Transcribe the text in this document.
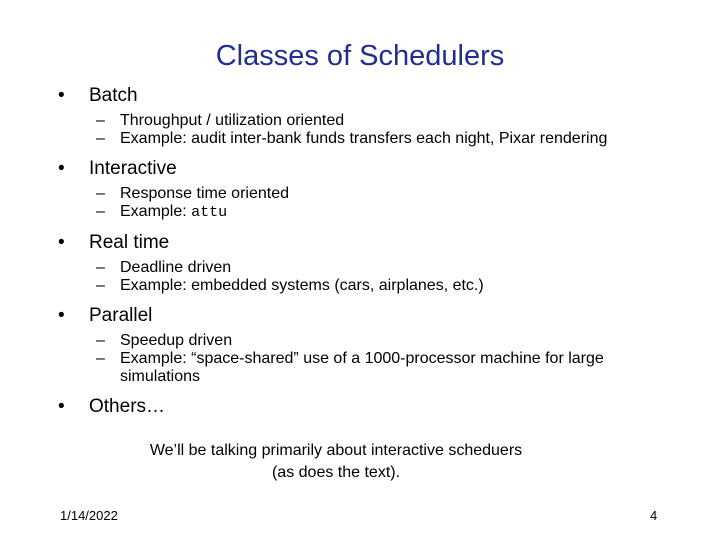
Classes of Schedulers
• Batch
– Throughput / utilization oriented
– Example: audit inter-bank funds transfers each night, Pixar rendering
• Interactive
– Response time oriented
– Example: attu
• Real time
– Deadline driven
– Example: embedded systems (cars, airplanes, etc.)
• Parallel
– Speedup driven
– Example: “space-shared” use of a 1000-processor machine for large simulations
• Others…
We’ll be talking primarily about interactive scheduers
(as does the text).
1/14/2022	4
